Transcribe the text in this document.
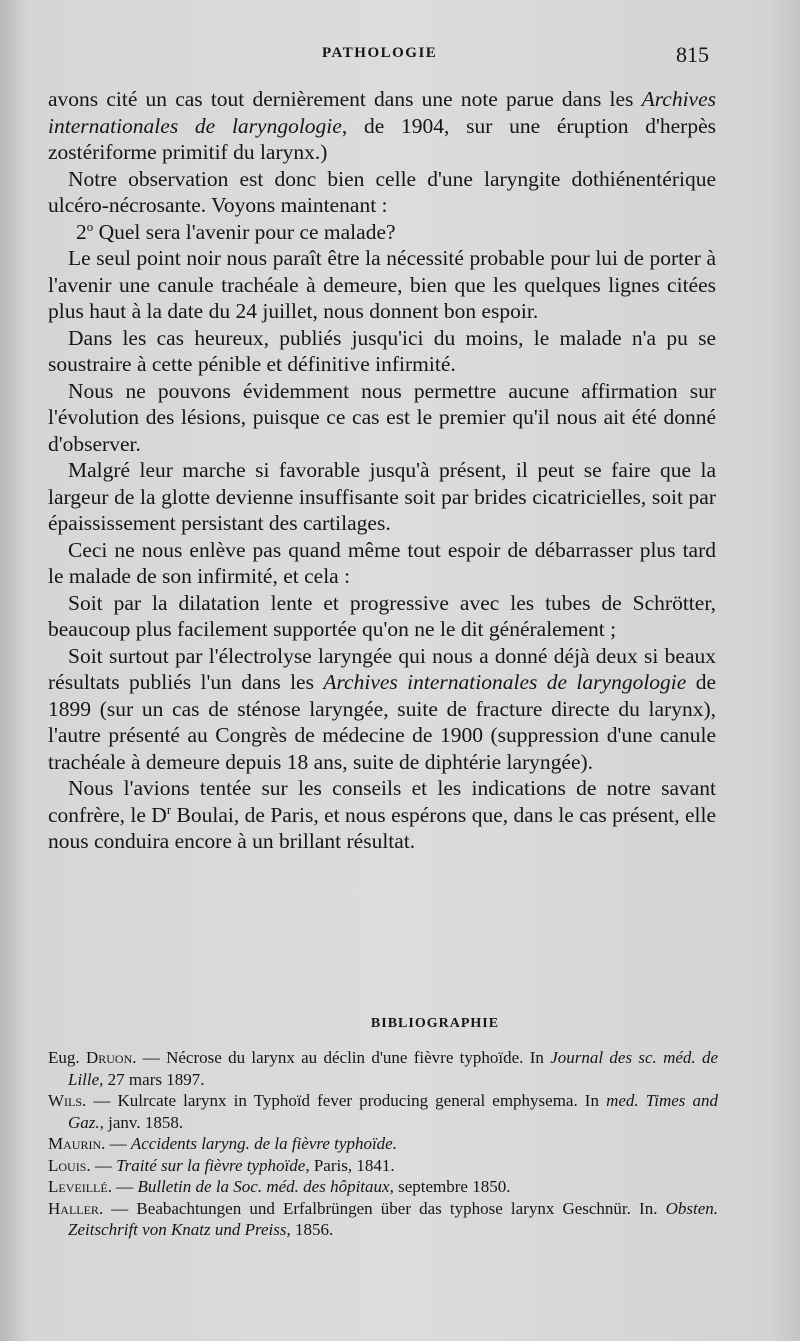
PATHOLOGIE	815

avons cité un cas tout dernièrement dans une note parue dans les Archives internationales de laryngologie, de 1904, sur une éruption d'herpès zostériforme primitif du larynx.)

Notre observation est donc bien celle d'une laryngite dothiénentérique ulcéro-nécrosante. Voyons maintenant :

2$^o$ Quel sera l'avenir pour ce malade?

Le seul point noir nous paraît être la nécessité probable pour lui de porter à l'avenir une canule trachéale à demeure, bien que les quelques lignes citées plus haut à la date du 24 juillet, nous donnent bon espoir.

Dans les cas heureux, publiés jusqu'ici du moins, le malade n'a pu se soustraire à cette pénible et définitive infirmité.

Nous ne pouvons évidemment nous permettre aucune affirmation sur l'évolution des lésions, puisque ce cas est le premier qu'il nous ait été donné d'observer.

Malgré leur marche si favorable jusqu'à présent, il peut se faire que la largeur de la glotte devienne insuffisante soit par brides cicatricielles, soit par épaississement persistant des cartilages.

Ceci ne nous enlève pas quand même tout espoir de débarrasser plus tard le malade de son infirmité, et cela :

Soit par la dilatation lente et progressive avec les tubes de Schrötter, beaucoup plus facilement supportée qu'on ne le dit généralement ;

Soit surtout par l'électrolyse laryngée qui nous a donné déjà deux si beaux résultats publiés l'un dans les Archives internationales de laryngologie de 1899 (sur un cas de sténose laryngée, suite de fracture directe du larynx), l'autre présenté au Congrès de médecine de 1900 (suppression d'une canule trachéale à demeure depuis 18 ans, suite de diphtérie laryngée).

Nous l'avions tentée sur les conseils et les indications de notre savant confrère, le $D^r$ Boulai, de Paris, et nous espérons que, dans le cas présent, elle nous conduira encore à un brillant résultat.

BIBLIOGRAPHIE

Eug. Druon. — Nécrose du larynx au déclin d'une fièvre typhoïde. In Journal des sc. méd. de Lille, 27 mars 1897.

Wils. — Kulrcate larynx in Typhoïd fever producing general emphysema. In med. Times and Gaz., janv. 1858.

Maurin. — Accidents laryng. de la fièvre typhoïde.

Louis. — Traité sur la fièvre typhoïde, Paris, 1841.

Leveillé. — Bulletin de la Soc. méd. des hôpitaux, septembre 1850.

Haller. — Beabachtungen und Erfalbrüngen über das typhose larynx Geschnür. In. Obsten. Zeitschrift von Knatz und Preiss, 1856.
